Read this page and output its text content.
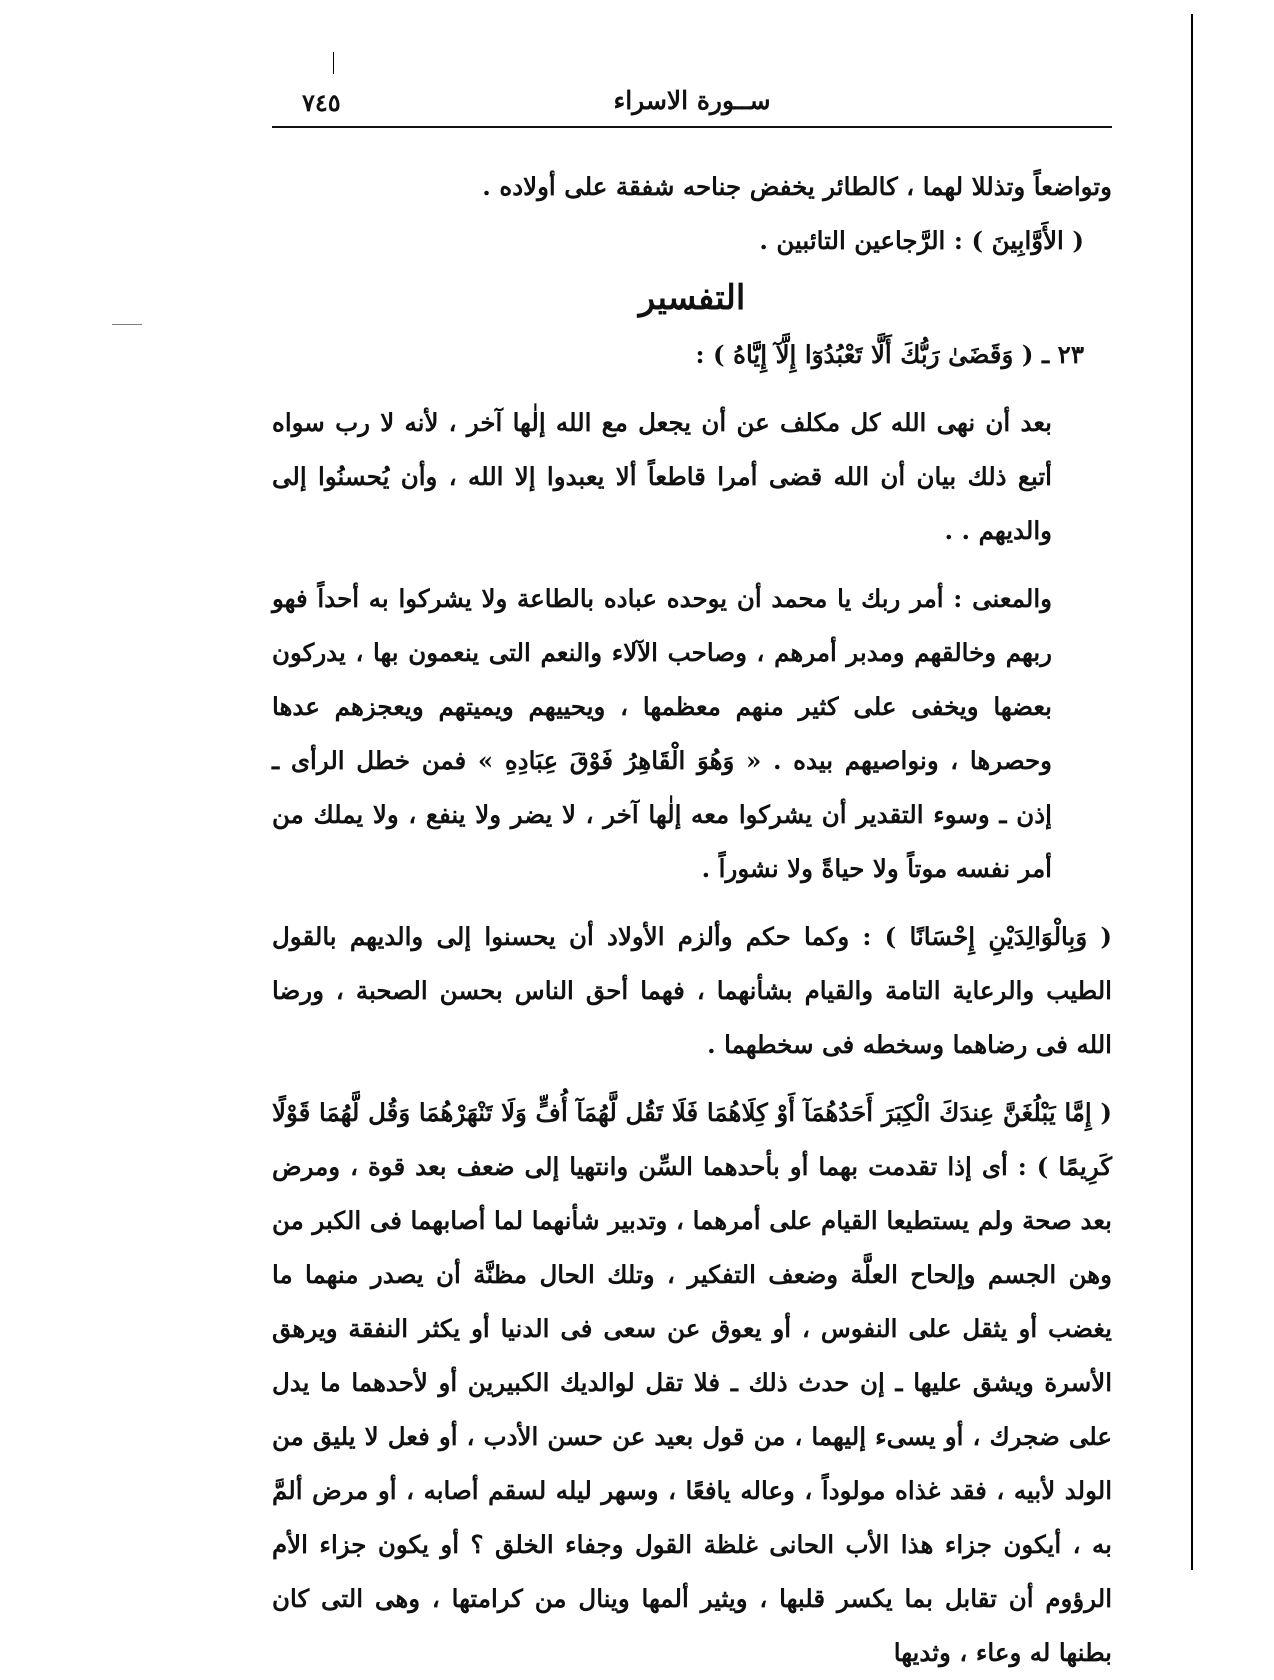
ســورة الاسراء
٧٤٥

وتواضعاً وتذللا لهما ، كالطائر يخفض جناحه شفقة على أولاده .

( الأَوَّابِينَ ) : الرَّجاعين التائبين .

التفسير

٢٣ ـ ( وَقَضَىٰ رَبُّكَ أَلَّا تَعْبُدُوٓا إِلَّآ إِيَّاهُ ) :

بعد أن نهى الله كل مكلف عن أن يجعل مع الله إلٰها آخر ، لأنه لا رب سواه أتبع ذلك بيان أن الله قضى أمرا قاطعاً ألا يعبدوا إلا الله ، وأن يُحسنُوا إلى والديهم . .

والمعنى : أمر ربك يا محمد أن يوحده عباده بالطاعة ولا يشركوا به أحداً فهو ربهم وخالقهم ومدبر أمرهم ، وصاحب الآلاء والنعم التى ينعمون بها ، يدركون بعضها ويخفى على كثير منهم معظمها ، ويحييهم ويميتهم ويعجزهم عدها وحصرها ، ونواصيهم بيده . « وَهُوَ الْقَاهِرُ فَوْقَ عِبَادِهِ » فمن خطل الرأى ـ إذن ـ وسوء التقدير أن يشركوا معه إلٰها آخر ، لا يضر ولا ينفع ، ولا يملك من أمر نفسه موتاً ولا حياةً ولا نشوراً .

( وَبِالْوَالِدَيْنِ إِحْسَانًا ) : وكما حكم وألزم الأولاد أن يحسنوا إلى والديهم بالقول الطيب والرعاية التامة والقيام بشأنهما ، فهما أحق الناس بحسن الصحبة ، ورضا الله فى رضاهما وسخطه فى سخطهما .

( إِمَّا يَبْلُغَنَّ عِندَكَ الْكِبَرَ أَحَدُهُمَآ أَوْ كِلَاهُمَا فَلَا تَقُل لَّهُمَآ أُفٍّ وَلَا تَنْهَرْهُمَا وَقُل لَّهُمَا قَوْلًا كَرِيمًا ) : أى إذا تقدمت بهما أو بأحدهما السِّن وانتهيا إلى ضعف بعد قوة ، ومرض بعد صحة ولم يستطيعا القيام على أمرهما ، وتدبير شأنهما لما أصابهما فى الكبر من وهن الجسم وإلحاح العلَّة وضعف التفكير ، وتلك الحال مظنَّة أن يصدر منهما ما يغضب أو يثقل على النفوس ، أو يعوق عن سعى فى الدنيا أو يكثر النفقة ويرهق الأسرة ويشق عليها ـ إن حدث ذلك ـ فلا تقل لوالديك الكبيرين أو لأحدهما ما يدل على ضجرك ، أو يسىء إليهما ، من قول بعيد عن حسن الأدب ، أو فعل لا يليق من الولد لأبيه ، فقد غذاه مولوداً ، وعاله يافعًا ، وسهر ليله لسقم أصابه ، أو مرض ألمَّ به ، أيكون جزاء هذا الأب الحانى غلظة القول وجفاء الخلق ؟ أو يكون جزاء الأم الرؤوم أن تقابل بما يكسر قلبها ، ويثير ألمها وينال من كرامتها ، وهى التى كان بطنها له وعاء ، وثديها
